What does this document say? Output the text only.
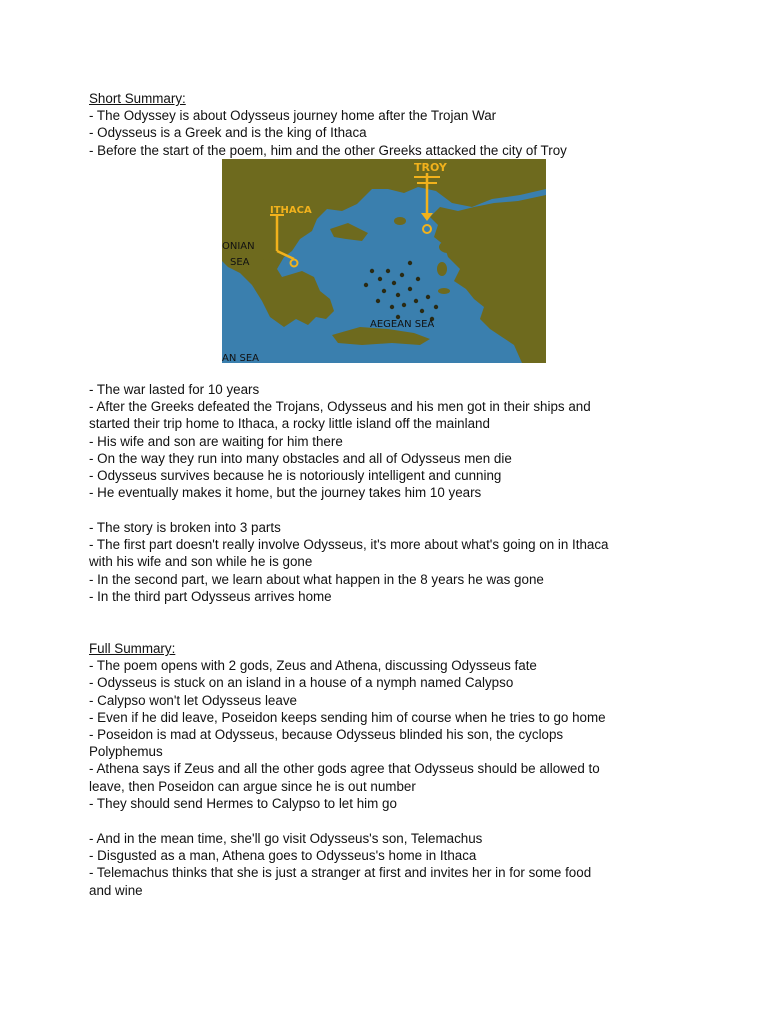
Short Summary:
- The Odyssey is about Odysseus journey home after the Trojan War
- Odysseus is a Greek and is the king of Ithaca
- Before the start of the poem, him and the other Greeks attacked the city of Troy
TROY
ITHACA
ONIAN
SEA
AEGEAN SEA
AN SEA
- The war lasted for 10 years
- After the Greeks defeated the Trojans, Odysseus and his men got in their ships and
started their trip home to Ithaca, a rocky little island off the mainland
- His wife and son are waiting for him there
- On the way they run into many obstacles and all of Odysseus men die
- Odysseus survives because he is notoriously intelligent and cunning
- He eventually makes it home, but the journey takes him 10 years
- The story is broken into 3 parts
- The first part doesn't really involve Odysseus, it's more about what's going on in Ithaca
with his wife and son while he is gone
- In the second part, we learn about what happen in the 8 years he was gone
- In the third part Odysseus arrives home
Full Summary:
- The poem opens with 2 gods, Zeus and Athena, discussing Odysseus fate
- Odysseus is stuck on an island in a house of a nymph named Calypso
- Calypso won't let Odysseus leave
- Even if he did leave, Poseidon keeps sending him of course when he tries to go home
- Poseidon is mad at Odysseus, because Odysseus blinded his son, the cyclops
Polyphemus
- Athena says if Zeus and all the other gods agree that Odysseus should be allowed to
leave, then Poseidon can argue since he is out number
- They should send Hermes to Calypso to let him go
- And in the mean time, she'll go visit Odysseus's son, Telemachus
- Disgusted as a man, Athena goes to Odysseus's home in Ithaca
- Telemachus thinks that she is just a stranger at first and invites her in for some food
and wine
